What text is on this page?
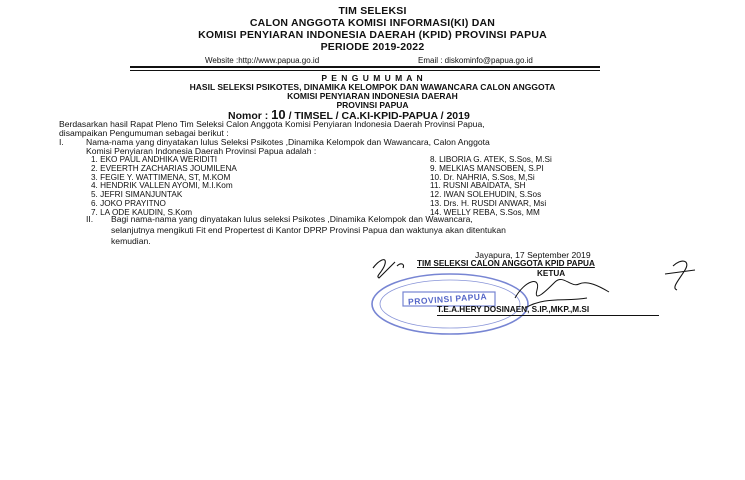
TIM SELEKSI
CALON ANGGOTA KOMISI INFORMASI(KI) DAN
KOMISI PENYIARAN INDONESIA DAERAH (KPID) PROVINSI PAPUA
PERIODE 2019-2022
Website :http://www.papua.go.id	Email : diskominfo@papua.go.id
P E N G U M U M A N
HASIL SELEKSI PSIKOTES, DINAMIKA KELOMPOK DAN WAWANCARA CALON ANGGOTA
KOMISI PENYIARAN INDONESIA DAERAH
PROVINSI PAPUA
Nomor : 10 / TIMSEL / CA.KI-KPID-PAPUA / 2019
Berdasarkan hasil Rapat Pleno Tim Seleksi Calon Anggota Komisi Penyiaran Indonesia Daerah Provinsi Papua,
disampaikan Pengumuman sebagai berikut :
I.	Nama-nama yang dinyatakan lulus Seleksi Psikotes ,Dinamika Kelompok dan Wawancara, Calon Anggota
Komisi Penyiaran Indonesia Daerah Provinsi Papua adalah :
1. EKO PAUL ANDHIKA WERIDITI
2. EVEERTH ZACHARIAS JOUMILENA
3. FEGIE Y. WATTIMENA, ST, M.KOM
4. HENDRIK VALLEN AYOMI, M.I.Kom
5. JEFRI SIMANJUNTAK
6. JOKO PRAYITNO
7. LA ODE KAUDIN, S.Kom
8. LIBORIA G. ATEK, S.Sos, M.Si
9. MELKIAS MANSOBEN, S.PI
10. Dr. NAHRIA, S.Sos, M,Si
11. RUSNI ABAIDATA, SH
12. IWAN SOLEHUDIN, S.Sos
13. Drs. H. RUSDI ANWAR, Msi
14. WELLY REBA, S.Sos, MM
II. Bagi nama-nama yang dinyatakan lulus seleksi Psikotes ,Dinamika Kelompok dan Wawancara,
selanjutnya mengikuti Fit end Propertest di Kantor DPRP Provinsi Papua dan waktunya akan ditentukan
kemudian.
Jayapura, 17 September 2019
PROVINSI PAPUA
TIM SELEKSI CALON ANGGOTA KPID PAPUA
KETUA
T.E.A.HERY DOSINAEN, S.IP.,MKP.,M.SI
